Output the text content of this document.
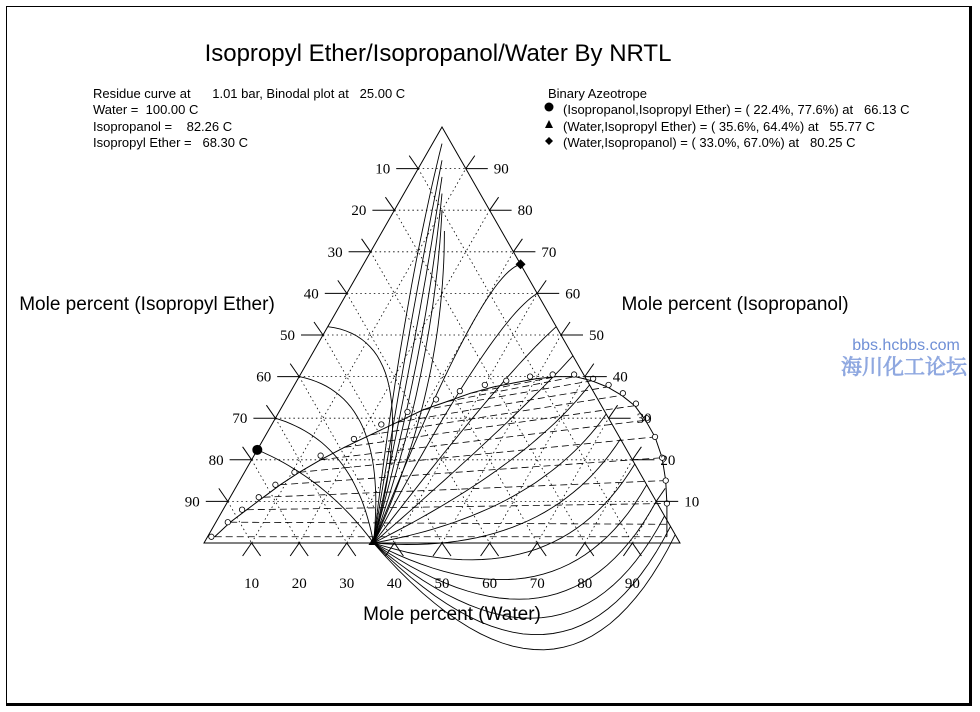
Isopropyl Ether/Isopropanol/Water By NRTL
Residue curve at      1.01 bar, Binodal plot at   25.00 C
Water =  100.00 C
Isopropanol =    82.26 C
Isopropyl Ether =   68.30 C
Binary Azeotrope
(Isopropanol,Isopropyl Ether) = ( 22.4%, 77.6%) at   66.13 C
(Water,Isopropyl Ether) = ( 35.6%, 64.4%) at   55.77 C
(Water,Isopropanol) = ( 33.0%, 67.0%) at   80.25 C
Mole percent (Isopropyl Ether)	Mole percent (Isopropanol)
Mole percent (Water)
bbs.hcbbs.com
海川化工论坛
10
10	90
20
20	80
30
30	70
40
40	60
50
50	50
60
60	40
70
70	30
80
80	20
90
90	10
